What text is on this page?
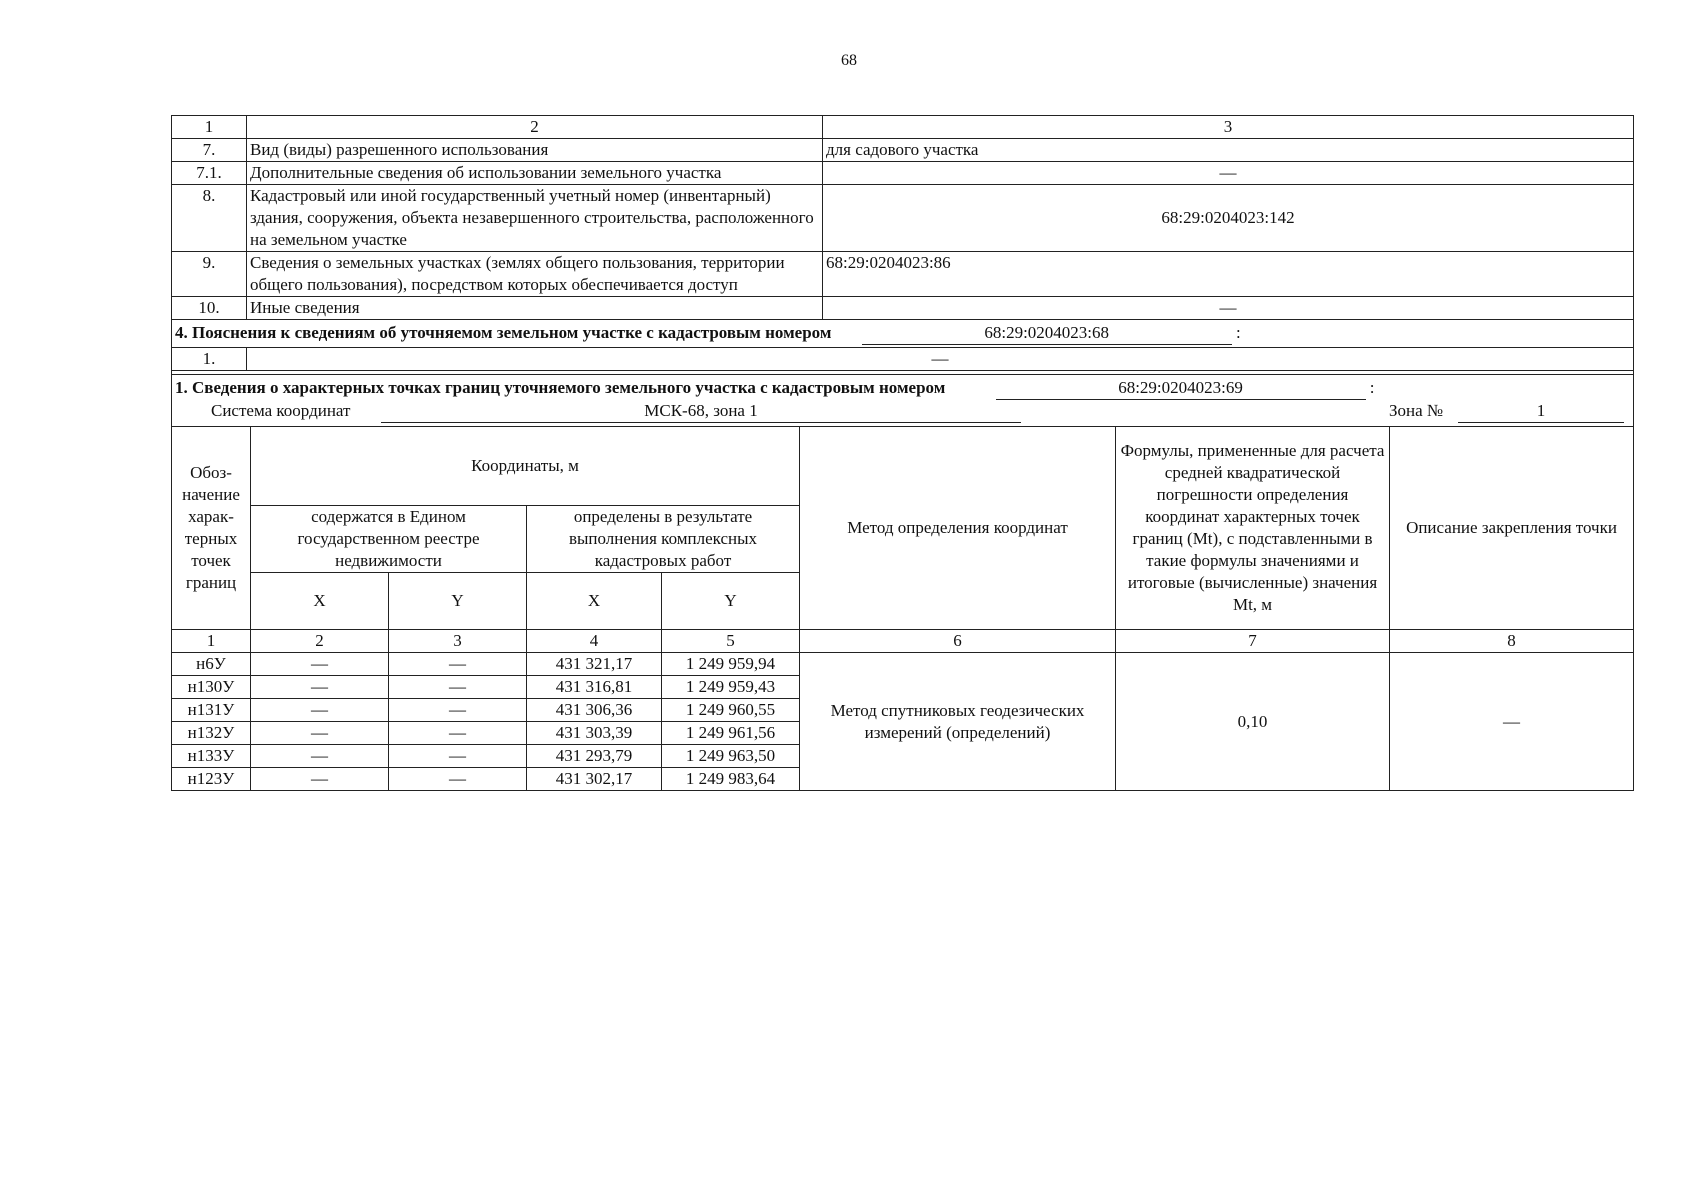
68
1	2	3
7.	Вид (виды) разрешенного использования	для садового участка
7.1.	Дополнительные сведения об использовании земельного участка	—
8.	Кадастровый или иной государственный учетный номер (инвентарный) здания, сооружения, объекта незавершенного строительства, расположенного на земельном участке	68:29:0204023:142
9.	Сведения о земельных участках (землях общего пользования, территории общего пользования), посредством которых обеспечивается доступ	68:29:0204023:86
10.	Иные сведения	—
4. Пояснения к сведениям об уточняемом земельном участке с кадастровым номером 68:29:0204023:68 :		
1.	—	

1. Сведения о характерных точках границ уточняемого земельного участка с кадастровым номером 68:29:0204023:69 :
Система координат МСК-68, зона 1 Зона № 1		
Обоз-начение харак-терных точек границ	Координаты, м				Метод определения координат	Формулы, примененные для расчета средней квадратической погрешности определения координат характерных точек границ (Mt), с подставленными в такие формулы значениями и итоговые (вычисленные) значения Mt, м	Описание закрепления точки
	содержатся в Едином государственном реестре недвижимости		определены в результате выполнения комплексных кадастровых работ				
	X	Y	X	Y			
1	2	3	4	5	6	7	8
н6У	—	—	431 321,17	1 249 959,94	Метод спутниковых геодезических измерений (определений)	0,10	—
н130У	—	—	431 316,81	1 249 959,43			
н131У	—	—	431 306,36	1 249 960,55			
н132У	—	—	431 303,39	1 249 961,56			
н133У	—	—	431 293,79	1 249 963,50			
н123У	—	—	431 302,17	1 249 983,64			
